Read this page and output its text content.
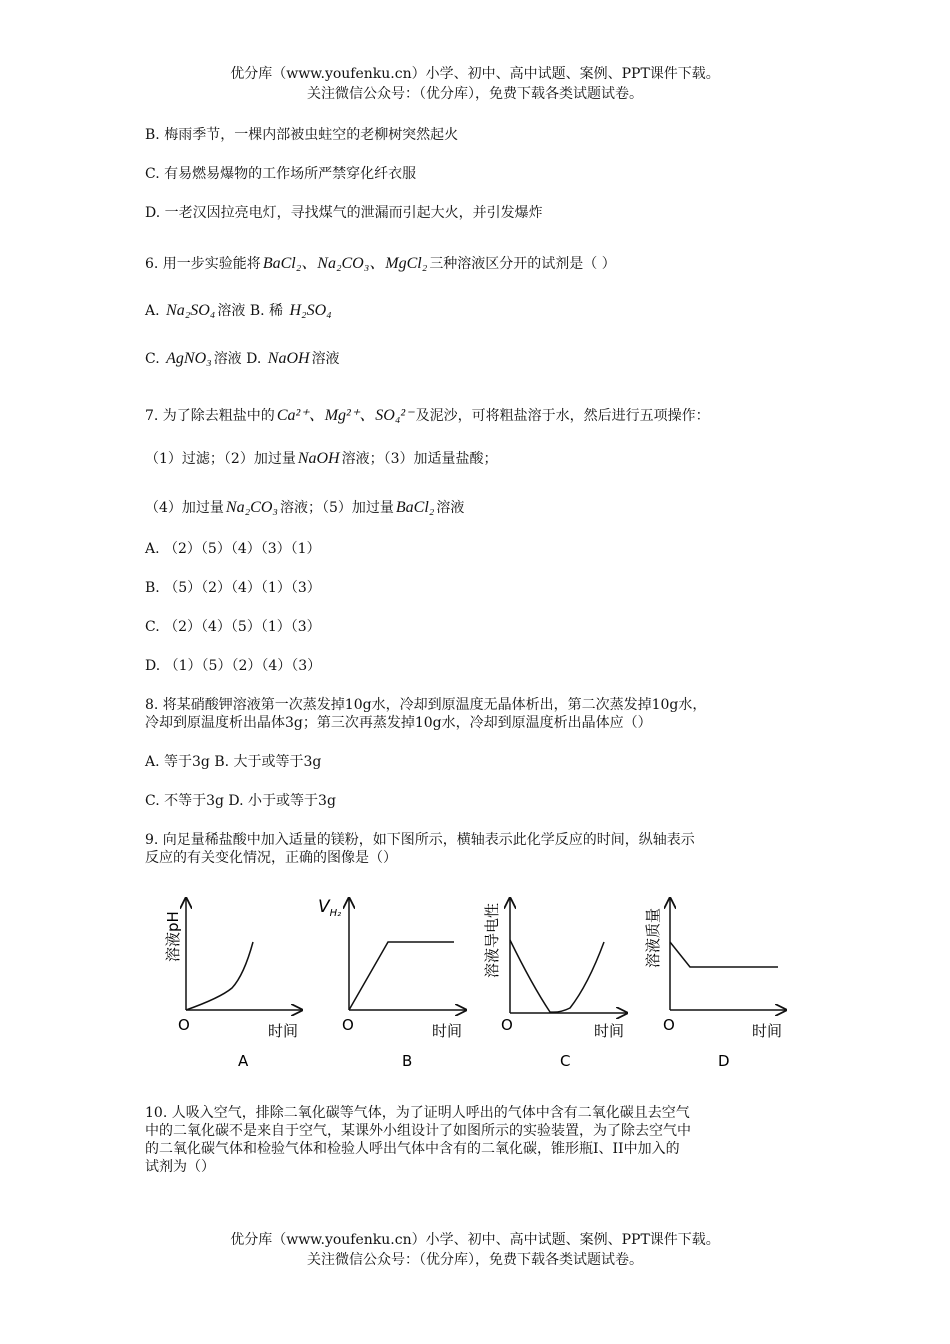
优分库（www.youfenku.cn）小学、初中、高中试题、案例、PPT课件下载。
关注微信公众号：（优分库），免费下载各类试题试卷。
B. 梅雨季节，一棵内部被虫蛀空的老柳树突然起火
C. 有易燃易爆物的工作场所严禁穿化纤衣服
D. 一老汉因拉亮电灯，寻找煤气的泄漏而引起大火，并引发爆炸
6. 用一步实验能将 BaCl₂、Na₂CO₃、MgCl₂ 三种溶液区分开的试剂是（ ）
A. Na₂SO₄ 溶液 B. 稀 H₂SO₄
C. AgNO₃ 溶液 D. NaOH 溶液
7. 为了除去粗盐中的 Ca²⁺、Mg²⁺、SO₄²⁻ 及泥沙，可将粗盐溶于水，然后进行五项操作：
（1）过滤；（2）加过量 NaOH 溶液；（3）加适量盐酸；
（4）加过量 Na₂CO₃ 溶液；（5）加过量 BaCl₂ 溶液
A. （2）（5）（4）（3）（1）
B. （5）（2）（4）（1）（3）
C. （2）（4）（5）（1）（3）
D. （1）（5）（2）（4）（3）
8. 将某硝酸钾溶液第一次蒸发掉10g水，冷却到原温度无晶体析出，第二次蒸发掉10g水，
冷却到原温度析出晶体3g；第三次再蒸发掉10g水，冷却到原温度析出晶体应（）
A. 等于3g B. 大于或等于3g
C. 不等于3g D. 小于或等于3g
9. 向足量稀盐酸中加入适量的镁粉，如下图所示，横轴表示此化学反应的时间，纵轴表示
反应的有关变化情况，正确的图像是（）
溶液pH
O	时间
A
$V_{H_2}$
O	时间
B
溶液导电性
O	时间
C
溶液质量
O	时间
D
10. 人吸入空气，排除二氧化碳等气体，为了证明人呼出的气体中含有二氧化碳且去空气
中的二氧化碳不是来自于空气，某课外小组设计了如图所示的实验装置，为了除去空气中
的二氧化碳气体和检验气体和检验人呼出气体中含有的二氧化碳，锥形瓶I、II中加入的
试剂为（）
优分库（www.youfenku.cn）小学、初中、高中试题、案例、PPT课件下载。
关注微信公众号：（优分库），免费下载各类试题试卷。
